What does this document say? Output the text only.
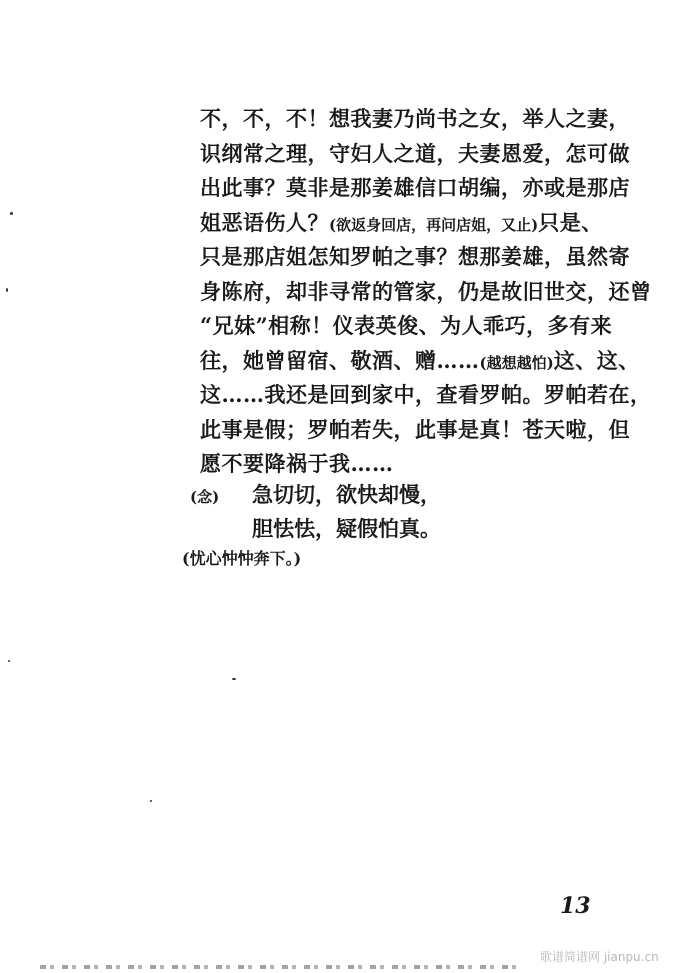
不，不，不！想我妻乃尚书之女，举人之妻，
识纲常之理，守妇人之道，夫妻恩爱，怎可做
出此事？莫非是那姜雄信口胡编，亦或是那店
姐恶语伤人？(欲返身回店，再问店姐，又止)只是、
只是那店姐怎知罗帕之事？想那姜雄，虽然寄
身陈府，却非寻常的管家，仍是故旧世交，还曾
“兄妹”相称！仪表英俊、为人乖巧，多有来
往，她曾留宿、敬酒、赠……(越想越怕)这、这、
这……我还是回到家中，查看罗帕。罗帕若在，
此事是假；罗帕若失，此事是真！苍天啦，但
愿不要降祸于我……
(念) 急切切，欲快却慢，
胆怯怯，疑假怕真。
(忧心忡忡奔下。)
13
歌谱简谱网 jianpu.cn
